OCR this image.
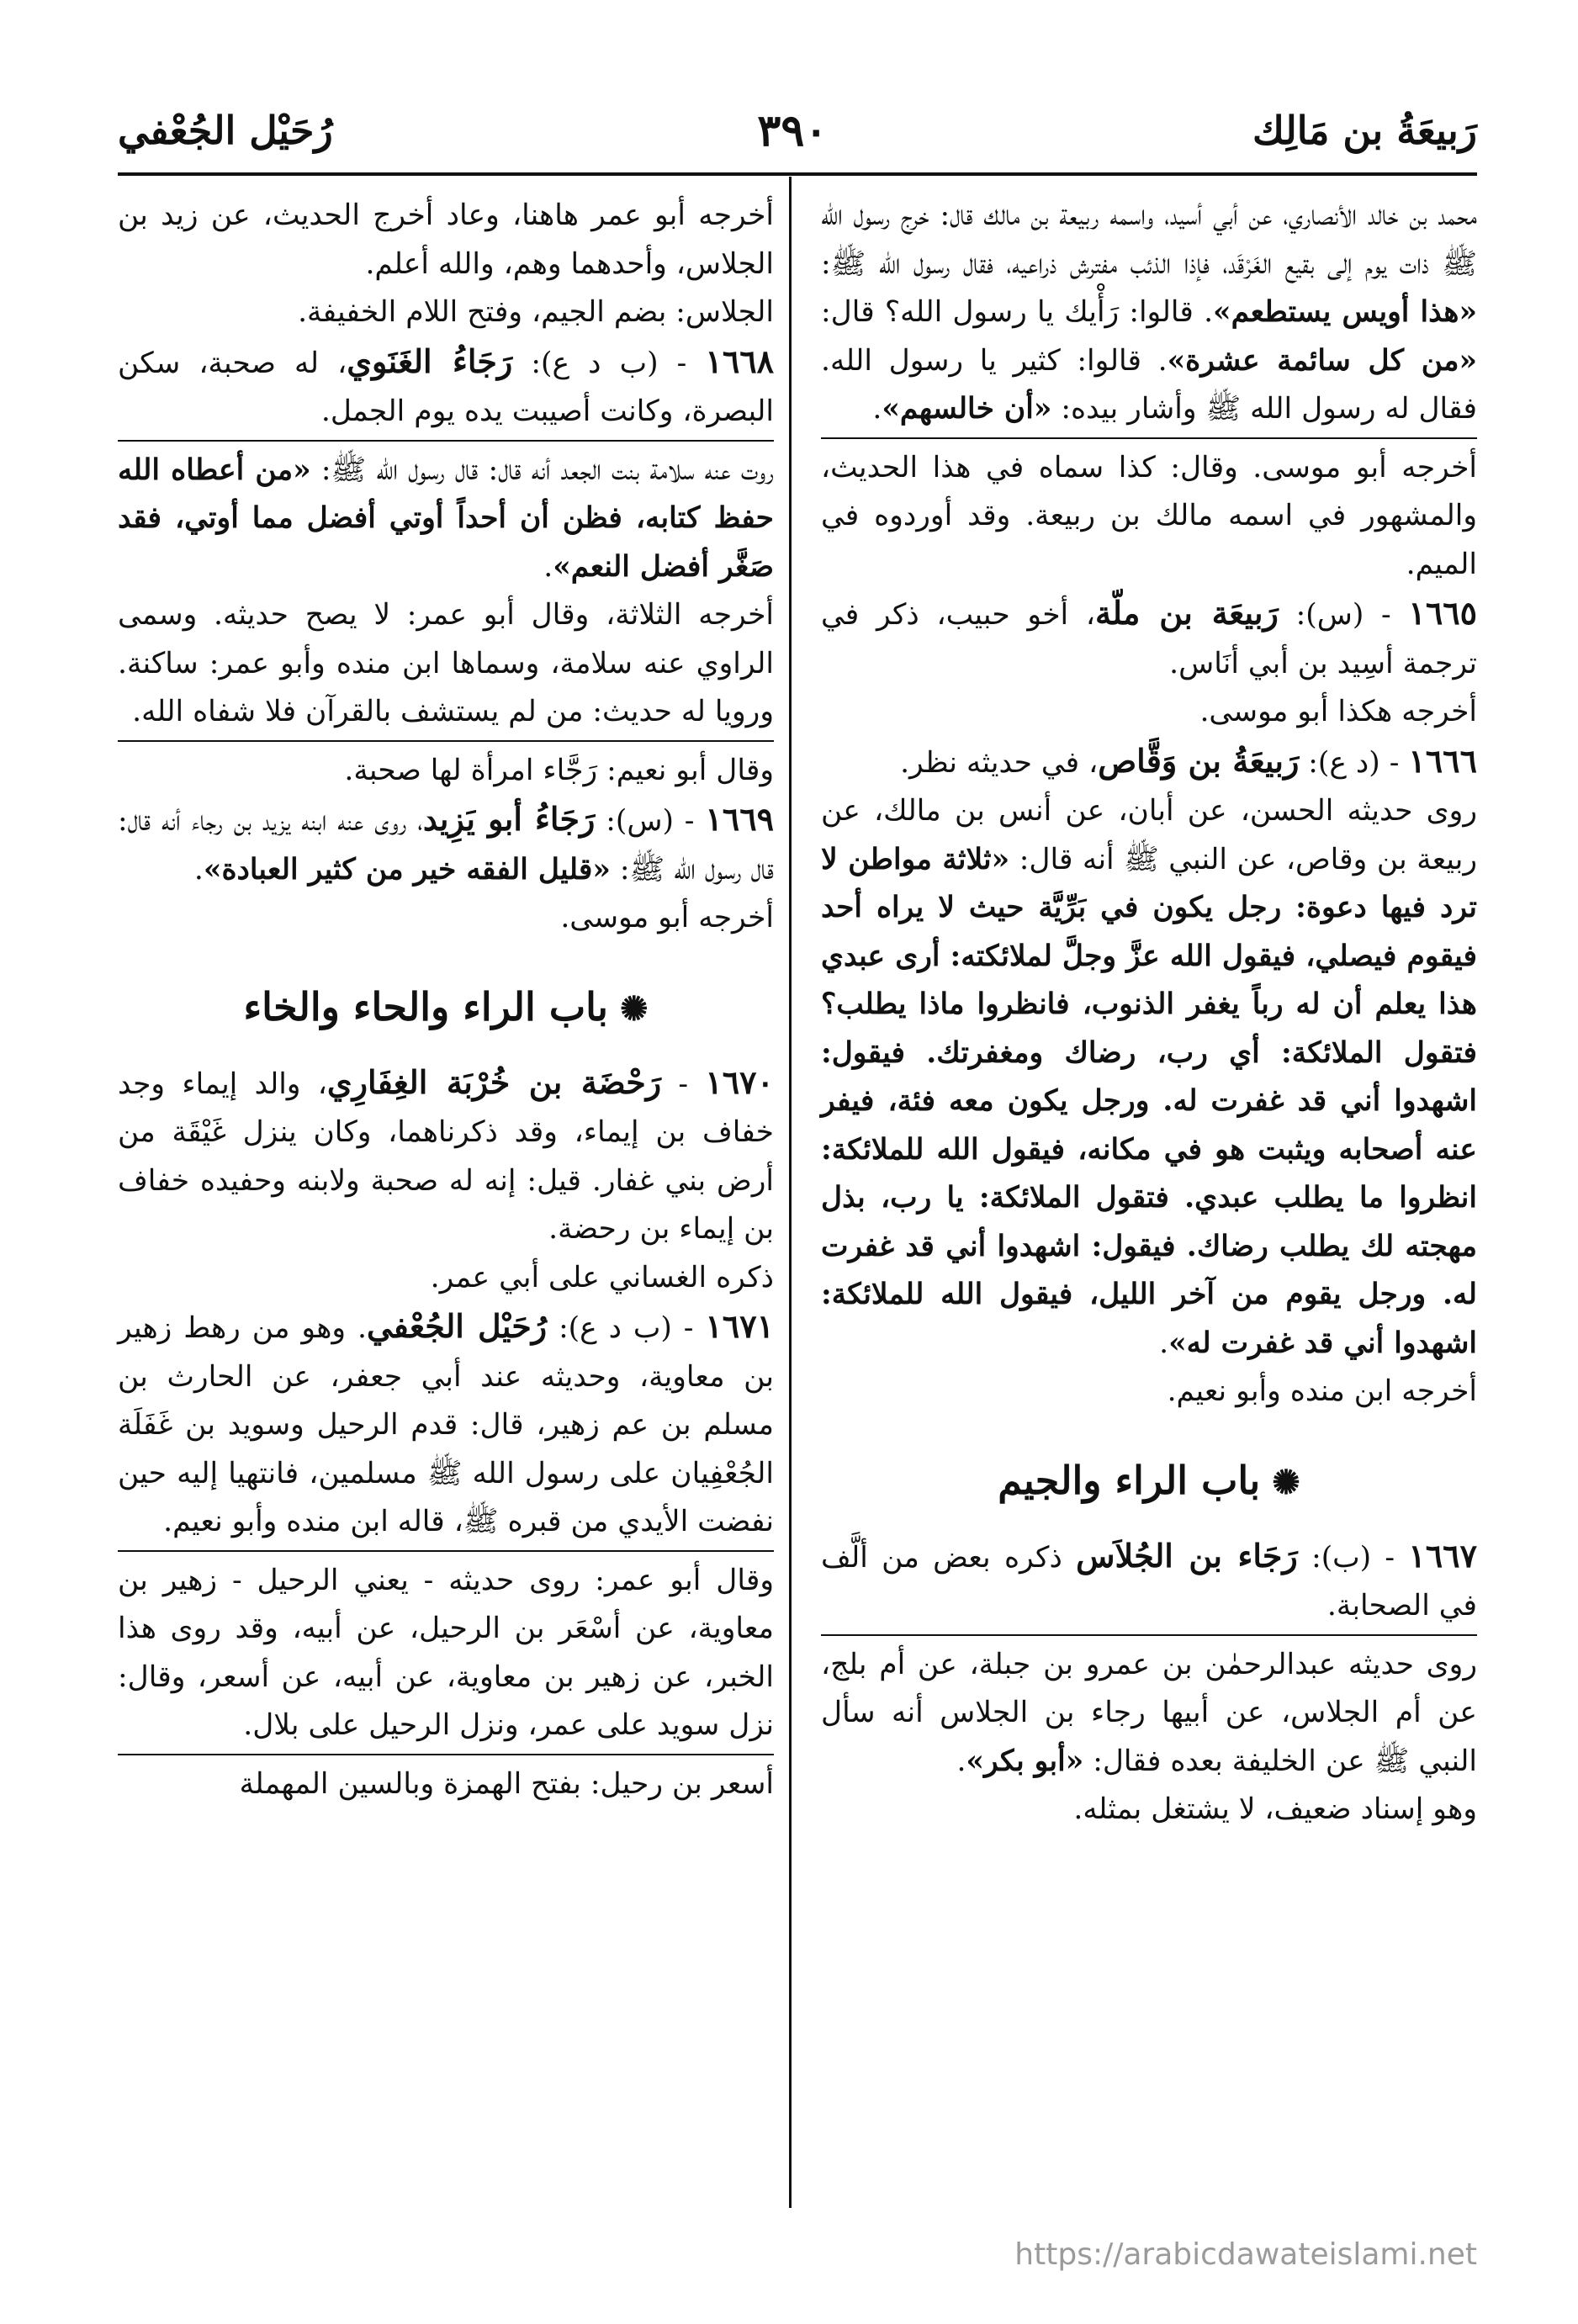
رَبيعَةُ بن مَالِك
٣٩٠
رُحَيْل الجُعْفي

محمد بن خالد الأنصاري، عن أبي أسيد، واسمه ربيعة بن مالك قال: خرج رسول الله ﷺ ذات يوم إلى بقيع الغَرْقَد، فإذا الذئب مفترش ذراعيه، فقال رسول الله ﷺ: «هذا أويس يستطعم». قالوا: رَأْيك يا رسول الله؟ قال: «من كل سائمة عشرة». قالوا: كثير يا رسول الله. فقال له رسول الله ﷺ وأشار بيده: «أن خالسهم».

أخرجه أبو موسى. وقال: كذا سماه في هذا الحديث، والمشهور في اسمه مالك بن ربيعة. وقد أوردوه في الميم.

١٦٦٥ - (س): رَبيعَة بن ملّة، أخو حبيب، ذكر في ترجمة أسِيد بن أبي أنَاس.

أخرجه هكذا أبو موسى.

١٦٦٦ - (د ع): رَبيعَةُ بن وَقَّاص، في حديثه نظر.

روى حديثه الحسن، عن أبان، عن أنس بن مالك، عن ربيعة بن وقاص، عن النبي ﷺ أنه قال: «ثلاثة مواطن لا ترد فيها دعوة: رجل يكون في بَرِّيَّة حيث لا يراه أحد فيقوم فيصلي، فيقول الله عزَّ وجلَّ لملائكته: أرى عبدي هذا يعلم أن له رباً يغفر الذنوب، فانظروا ماذا يطلب؟ فتقول الملائكة: أي رب، رضاك ومغفرتك. فيقول: اشهدوا أني قد غفرت له. ورجل يكون معه فئة، فيفر عنه أصحابه ويثبت هو في مكانه، فيقول الله للملائكة: انظروا ما يطلب عبدي. فتقول الملائكة: يا رب، بذل مهجته لك يطلب رضاك. فيقول: اشهدوا أني قد غفرت له. ورجل يقوم من آخر الليل، فيقول الله للملائكة: اشهدوا أني قد غفرت له».

أخرجه ابن منده وأبو نعيم.

✺باب الراء والجيم

١٦٦٧ - (ب): رَجَاء بن الجُلاَس ذكره بعض من ألَّف في الصحابة.

روى حديثه عبدالرحمٰن بن عمرو بن جبلة، عن أم بلج، عن أم الجلاس، عن أبيها رجاء بن الجلاس أنه سأل النبي ﷺ عن الخليفة بعده فقال: «أبو بكر».

وهو إسناد ضعيف، لا يشتغل بمثله.

أخرجه أبو عمر هاهنا، وعاد أخرج الحديث، عن زيد بن الجلاس، وأحدهما وهم، والله أعلم.

الجلاس: بضم الجيم، وفتح اللام الخفيفة.

١٦٦٨ - (ب د ع): رَجَاءُ الغَنَوي، له صحبة، سكن البصرة، وكانت أصيبت يده يوم الجمل.

روت عنه سلامة بنت الجعد أنه قال: قال رسول الله ﷺ: «من أعطاه الله حفظ كتابه، فظن أن أحداً أوتي أفضل مما أوتي، فقد صَغَّر أفضل النعم».

أخرجه الثلاثة، وقال أبو عمر: لا يصح حديثه. وسمى الراوي عنه سلامة، وسماها ابن منده وأبو عمر: ساكنة. ورويا له حديث: من لم يستشف بالقرآن فلا شفاه الله.

وقال أبو نعيم: رَجَّاء امرأة لها صحبة.

١٦٦٩ - (س): رَجَاءُ أبو يَزِيد، روى عنه ابنه يزيد بن رجاء أنه قال: قال رسول الله ﷺ: «قليل الفقه خير من كثير العبادة».

أخرجه أبو موسى.

✺باب الراء والحاء والخاء

١٦٧٠ - رَحْضَة بن خُرْبَة الغِفَارِي، والد إيماء وجد خفاف بن إيماء، وقد ذكرناهما، وكان ينزل غَيْقَة من أرض بني غفار. قيل: إنه له صحبة ولابنه وحفيده خفاف بن إيماء بن رحضة.

ذكره الغساني على أبي عمر.

١٦٧١ - (ب د ع): رُحَيْل الجُعْفي. وهو من رهط زهير بن معاوية، وحديثه عند أبي جعفر، عن الحارث بن مسلم بن عم زهير، قال: قدم الرحيل وسويد بن غَفَلَة الجُعْفِيان على رسول الله ﷺ مسلمين، فانتهيا إليه حين نفضت الأيدي من قبره ﷺ، قاله ابن منده وأبو نعيم.

وقال أبو عمر: روى حديثه - يعني الرحيل - زهير بن معاوية، عن أسْعَر بن الرحيل، عن أبيه، وقد روى هذا الخبر، عن زهير بن معاوية، عن أبيه، عن أسعر، وقال: نزل سويد على عمر، ونزل الرحيل على بلال.

أسعر بن رحيل: بفتح الهمزة وبالسين المهملة

https://arabicdawateislami.net
